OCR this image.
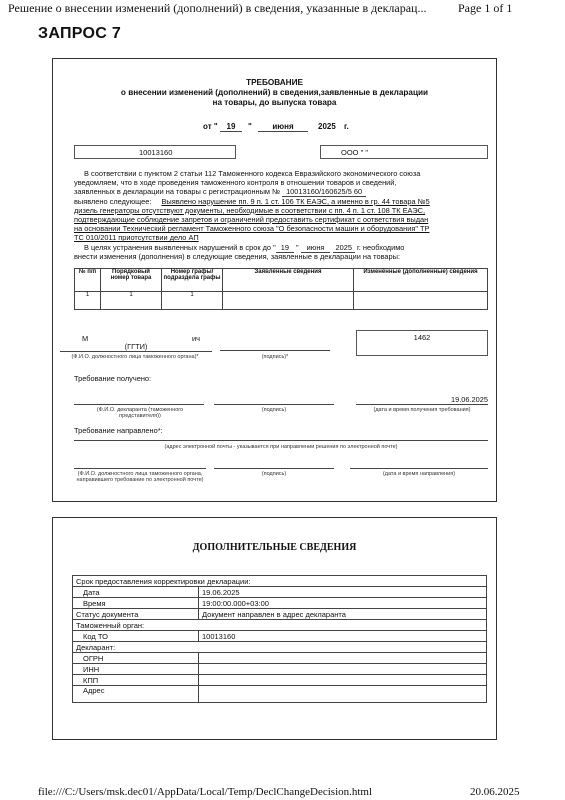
Решение о внесении изменений (дополнений) в сведения, указанные в декларац...	Page 1 of 1
ЗАПРОС 7
ТРЕБОВАНИЕ
о внесении изменений (дополнений) в сведения,заявленные в декларации
на товары, до выпуска товара
от "	19	"	июня	2025 г.
10013160	ООО " "
В соответствии с пунктом 2 статьи 112 Таможенного кодекса Евразийского экономического союза
уведомляем, что в ходе проведения таможенного контроля в отношении товаров и сведений,
заявленных в декларации на товары с регистрационным № 10013160/160625/5 60
выявлено следующее: Выявлено нарушение пп. 9 п. 1 ст. 106 ТК ЕАЭС, а именно в гр. 44 товара №5
дизель генераторы отсутствуют документы, необходимые в соответствии с пп. 4 п. 1 ст. 108 ТК ЕАЭС,
подтверждающие соблюдение запретов и ограничений предоставить сертификат с оответствия выдан
на основании Технический регламент Таможенного союза "О безопасности машин и оборудования" ТР
ТС 010/2011 приотсутствии дело АП
В целях устранения выявленных нарушений в срок до " 19 " июня 2025 г. необходимо
внести изменения (дополнения) в следующие сведения, заявленные в декларации на товары:
№ п/п	Порядковый номер товара	Номер графы/ подраздела графы	Заявленные сведения	Изменённые (дополненные) сведения
1	1	1		
М	ич
(ГГТИ)
(Ф.И.О. должностного лица таможенного органа)*	(подпись)*
1462
Требование получено:
(Ф.И.О. декларанта (таможенного представителя))
(подпись)
19.06.2025
(дата и время получения требования)
Требование направлено*:
(адрес электронной почты - указывается при направлении решения по электронной почте)
(Ф.И.О. должностного лица таможенного органа, направившего требование по электронной почте)
(подпись)	(дата и время направления)
ДОПОЛНИТЕЛЬНЫЕ СВЕДЕНИЯ
Срок предоставления корректировки декларации:	
Дата	19.06.2025
Время	19:00:00.000+03:00
Статус документа	Документ направлен в адрес декларанта
Таможенный орган:	
Код ТО	10013160
Декларант:	
ОГРН	
ИНН	
КПП	
Адрес	
file:///C:/Users/msk.dec01/AppData/Local/Temp/DeclChangeDecision.html	20.06.2025
